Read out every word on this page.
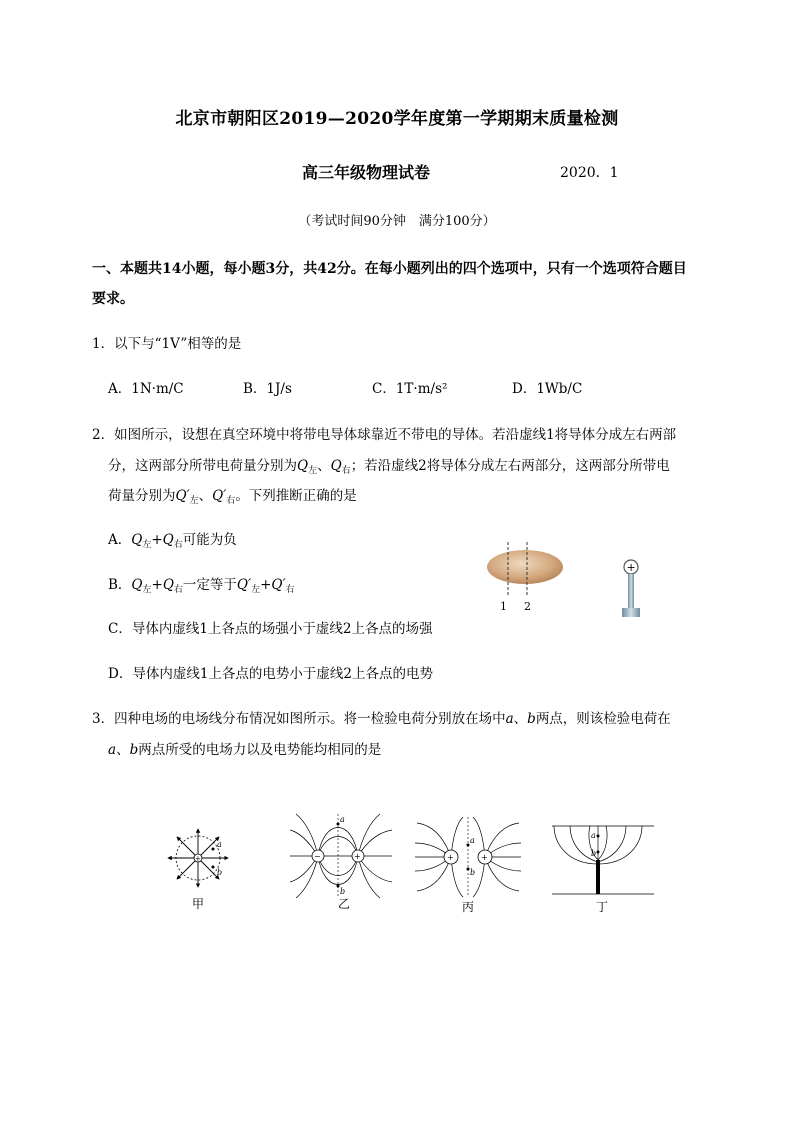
北京市朝阳区2019—2020学年度第一学期期末质量检测
高三年级物理试卷	2020．1
（考试时间90分钟　满分100分）
一、本题共14小题，每小题3分，共42分。在每小题列出的四个选项中，只有一个选项符合题目
要求。
1．以下与“1V”相等的是
A．1N·m/C	B．1J/s	C．1T·m/s²	D．1Wb/C
2．如图所示，设想在真空环境中将带电导体球靠近不带电的导体。若沿虚线1将导体分成左右两部
分，这两部分所带电荷量分别为$Q_左$、$Q_右$；若沿虚线2将导体分成左右两部分，这两部分所带电
荷量分别为$Q'_左$、$Q'_右$。下列推断正确的是
A．$Q_左+Q_右$可能为负
B．$Q_左+Q_右$一定等于$Q'_左+Q'_右$
C．导体内虚线1上各点的场强小于虚线2上各点的场强
D．导体内虚线1上各点的电势小于虚线2上各点的电势
1 2
+
3．四种电场的电场线分布情况如图所示。将一检验电荷分别放在场中a、b两点，则该检验电荷在
a、b两点所受的电场力以及电势能均相同的是
+
a
b
甲
−	+
a
b
乙
+	+
a
b
丙
a
b
丁
